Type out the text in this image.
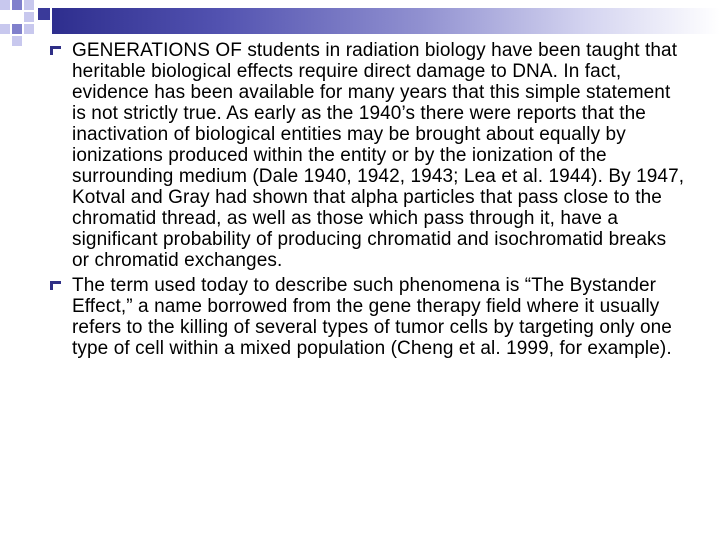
GENERATIONS OF students in radiation biology have been taught that heritable biological effects require direct damage to DNA. In fact, evidence has been available for many years that this simple statement is not strictly true. As early as the 1940’s there were reports that the inactivation of biological entities may be brought about equally by ionizations produced within the entity or by the ionization of the surrounding medium (Dale 1940, 1942, 1943; Lea et al. 1944). By 1947, Kotval and Gray had shown that alpha particles that pass close to the chromatid thread, as well as those which pass through it, have a significant probability of producing chromatid and isochromatid breaks or chromatid exchanges.
The term used today to describe such phenomena is “The Bystander Effect,” a name borrowed from the gene therapy field where it usually refers to the killing of several types of tumor cells by targeting only one type of cell within a mixed population (Cheng et al. 1999, for example).
